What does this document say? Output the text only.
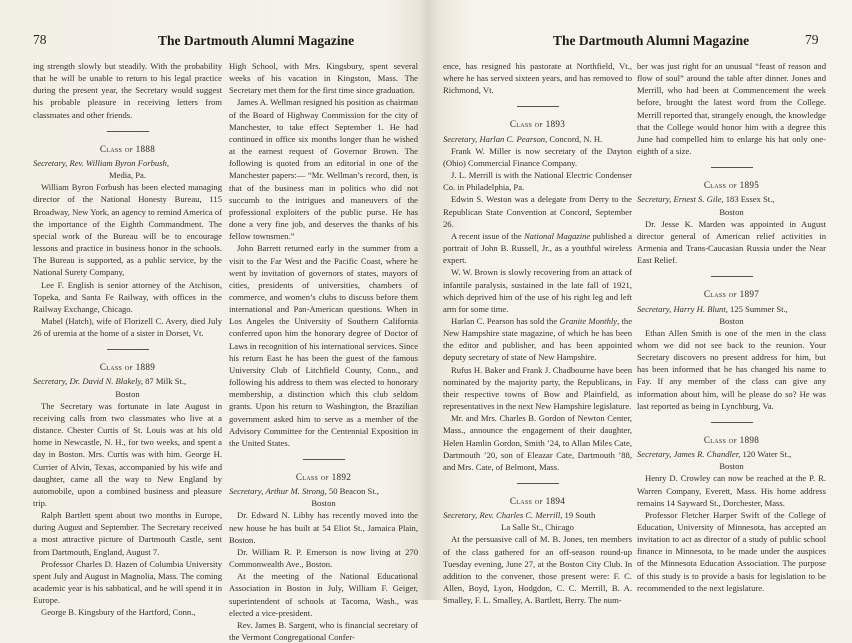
78	The Dartmouth Alumni Magazine

ing strength slowly but steadily. With the probability that he will be unable to return to his legal practice during the present year, the Secretary would suggest his probable pleasure in receiving letters from classmates and other friends.

Class of 1888

Secretary, Rev. William Byron Forbush,

Media, Pa.

William Byron Forbush has been elected managing director of the National Honesty Bureau, 115 Broadway, New York, an agency to remind America of the importance of the Eighth Commandment. The special work of the Bureau will be to encourage lessons and practice in business honor in the schools. The Bureau is supported, as a public service, by the National Surety Company,

Lee F. English is senior attorney of the Atchison, Topeka, and Santa Fe Railway, with offices in the Railway Exchange, Chicago.

Mabel (Hatch), wife of Florizell C. Avery, died July 26 of uremia at the home of a sister in Dorset, Vt.

Class of 1889

Secretary, Dr. David N. Blakely, 87 Milk St.,

Boston

The Secretary was fortunate in late August in receiving calls from two classmates who live at a distance. Chester Curtis of St. Louis was at his old home in Newcastle, N. H., for two weeks, and spent a day in Boston. Mrs. Curtis was with him. George H. Currier of Alvin, Texas, accompanied by his wife and daughter, came all the way to New England by automobile, upon a combined business and pleasure trip.

Ralph Bartlett spent about two months in Europe, during August and September. The Secretary received a most attractive picture of Dartmouth Castle, sent from Dartmouth, England, August 7.

Professor Charles D. Hazen of Columbia University spent July and August in Magnolia, Mass. The coming academic year is his sabbatical, and he will spend it in Europe.

George B. Kingsbury of the Hartford, Conn.,

High School, with Mrs. Kingsbury, spent several weeks of his vacation in Kingston, Mass. The Secretary met them for the first time since graduation.

James A. Wellman resigned his position as chairman of the Board of Highway Commission for the city of Manchester, to take effect September 1. He had continued in office six months longer than he wished at the earnest request of Governor Brown. The following is quoted from an editorial in one of the Manchester papers:— “Mr. Wellman’s record, then, is that of the business man in politics who did not succumb to the intrigues and maneuvers of the professional exploiters of the public purse. He has done a very fine job, and deserves the thanks of his fellow townsmen.”

John Barrett returned early in the summer from a visit to the Far West and the Pacific Coast, where he went by invitation of governors of states, mayors of cities, presidents of universities, chambers of commerce, and women’s clubs to discuss before them international and Pan-American questions. When in Los Angeles the University of Southern California conferred upon him the honorary degree of Doctor of Laws in recognition of his international services. Since his return East he has been the guest of the famous University Club of Litchfield County, Conn., and following his address to them was elected to honorary membership, a distinction which this club seldom grants. Upon his return to Washington, the Brazilian government asked him to serve as a member of the Advisory Committee for the Centennial Exposition in the United States.

Class of 1892

Secretary, Arthur M. Strong, 50 Beacon St.,

Boston

Dr. Edward N. Libby has recently moved into the new house he has built at 54 Eliot St., Jamaica Plain, Boston.

Dr. William R. P. Emerson is now living at 270 Commonwealth Ave., Boston.

At the meeting of the National Educational Association in Boston in July, William F. Geiger, superintendent of schools at Tacoma, Wash., was elected a vice-president.

Rev. James B. Sargent, who is financial secretary of the Vermont Congregational Confer-

The Dartmouth Alumni Magazine	79

ence, has resigned his pastorate at Northfield, Vt., where he has served sixteen years, and has removed to Richmond, Vt.

Class of 1893

Secretary, Harlan C. Pearson, Concord, N. H.

Frank W. Miller is now secretary of the Dayton (Ohio) Commercial Finance Company.

J. L. Merrill is with the National Electric Condenser Co. in Philadelphia, Pa.

Edwin S. Weston was a delegate from Derry to the Republican State Convention at Concord, September 26.

A recent issue of the National Magazine published a portrait of John B. Russell, Jr., as a youthful wireless expert.

W. W. Brown is slowly recovering from an attack of infantile paralysis, sustained in the late fall of 1921, which deprived him of the use of his right leg and left arm for some time.

Harlan C. Pearson has sold the Granite Monthly, the New Hampshire state magazine, of which he has been the editor and publisher, and has been appointed deputy secretary of state of New Hampshire.

Rufus H. Baker and Frank J. Chadbourne have been nominated by the majority party, the Republicans, in their respective towns of Bow and Plainfield, as representatives in the next New Hampshire legislature.

Mr. and Mrs. Charles B. Gordon of Newton Center, Mass., announce the engagement of their daughter, Helen Hamlin Gordon, Smith ’24, to Allan Miles Cate, Dartmouth ’20, son of Eleazar Cate, Dartmouth ’88, and Mrs. Cate, of Belmont, Mass.

Class of 1894

Secretary, Rev. Charles C. Merrill, 19 South

La Salle St., Chicago

At the persuasive call of M. B. Jones, ten members of the class gathered for an off-season round-up Tuesday evening, June 27, at the Boston City Club. In addition to the convener, those present were: F. C. Allen, Boyd, Lyon, Hodgdon, C. C. Merrill, B. A. Smalley, F. L. Smalley, A. Bartlett, Berry. The num-

ber was just right for an unusual “feast of reason and flow of soul” around the table after dinner. Jones and Merrill, who had been at Commencement the week before, brought the latest word from the College. Merrill reported that, strangely enough, the knowledge that the College would honor him with a degree this June had compelled him to enlarge his hat only one-eighth of a size.

Class of 1895

Secretary, Ernest S. Gile, 183 Essex St.,

Boston

Dr. Jesse K. Marden was appointed in August director general of American relief activities in Armenia and Trans-Caucasian Russia under the Near East Relief.

Class of 1897

Secretary, Harry H. Blunt, 125 Summer St.,

Boston

Ethan Allen Smith is one of the men in the class whom we did not see back to the reunion. Your Secretary discovers no present address for him, but has been informed that he has changed his name to Fay. If any member of the class can give any information about him, will he please do so? He was last reported as being in Lynchburg, Va.

Class of 1898

Secretary, James R. Chandler, 120 Water St.,

Boston

Henry D. Crowley can now be reached at the P. R. Warren Company, Everett, Mass. His home address remains 14 Sayward St., Dorchester, Mass.

Professor Fletcher Harper Swift of the College of Education, University of Minnesota, has accepted an invitation to act as director of a study of public school finance in Minnesota, to be made under the auspices of the Minnesota Education Association. The purpose of this study is to provide a basis for legislation to be recommended to the next legislature.
